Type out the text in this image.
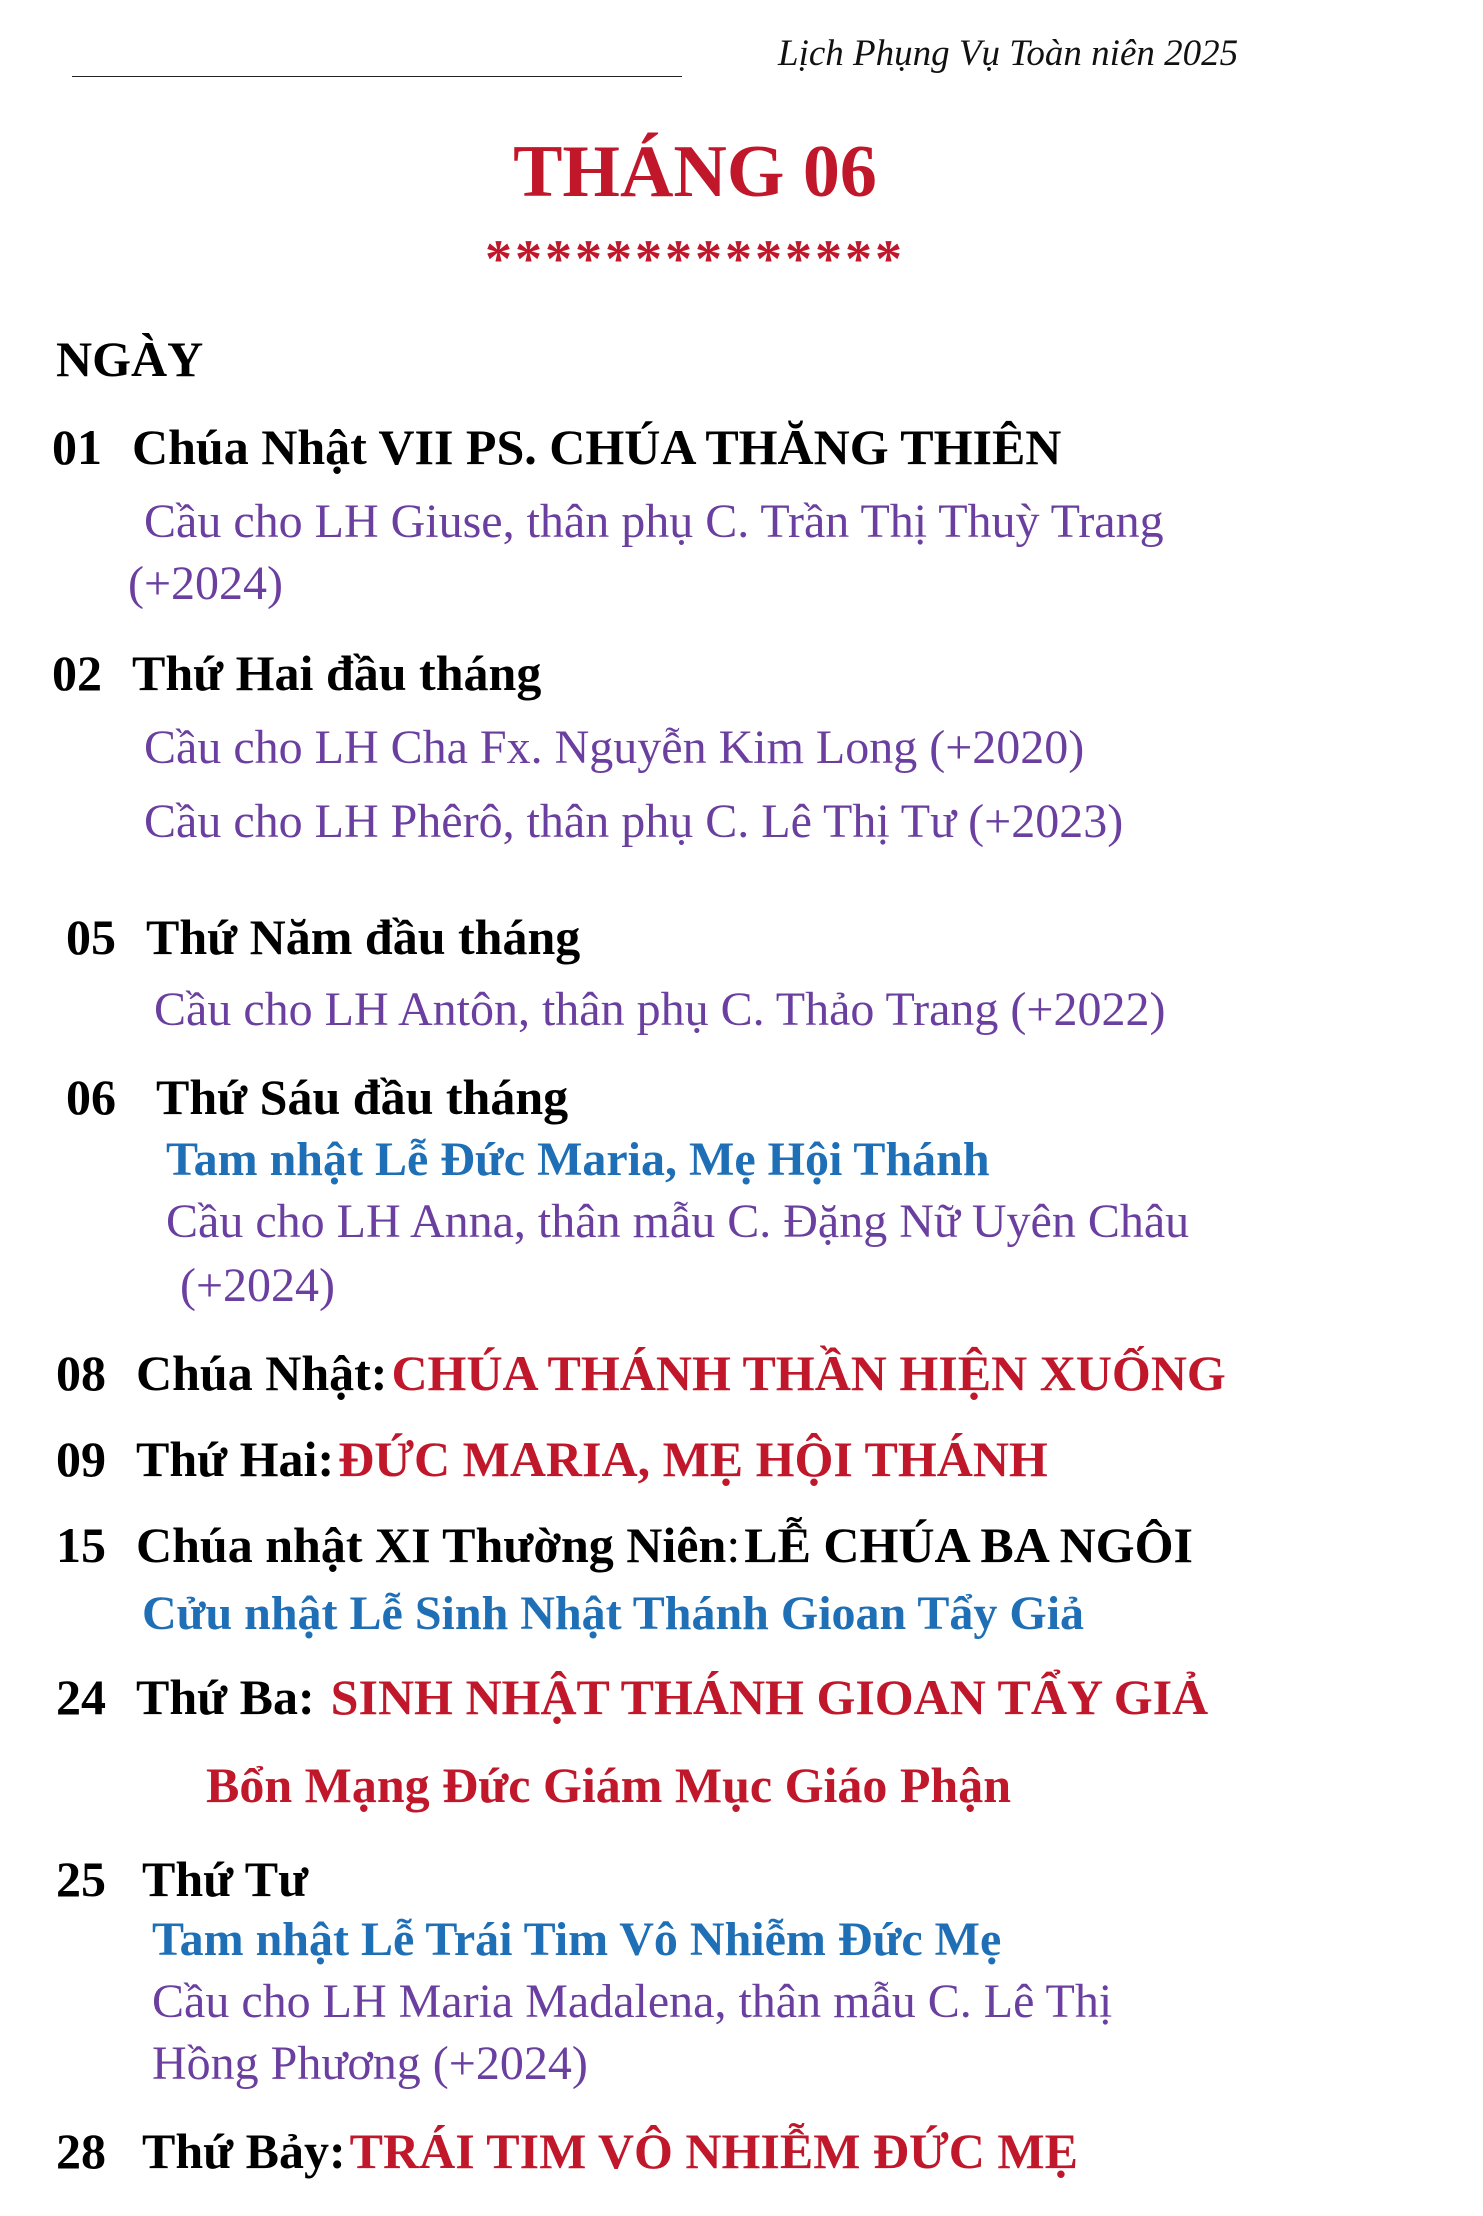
Lịch Phụng Vụ Toàn niên 2025
THÁNG 06
**************
NGÀY
01 Chúa Nhật VII PS. CHÚA THĂNG THIÊN
Cầu cho LH Giuse, thân phụ C. Trần Thị Thuỳ Trang
(+2024)
02 Thứ Hai đầu tháng
Cầu cho LH Cha Fx. Nguyễn Kim Long (+2020)
Cầu cho LH Phêrô, thân phụ C. Lê Thị Tư (+2023)
05 Thứ Năm đầu tháng
Cầu cho LH Antôn, thân phụ C. Thảo Trang (+2022)
06 Thứ Sáu đầu tháng
Tam nhật Lễ Đức Maria, Mẹ Hội Thánh
Cầu cho LH Anna, thân mẫu C. Đặng Nữ Uyên Châu
(+2024)
08 Chúa Nhật: CHÚA THÁNH THẦN HIỆN XUỐNG
09 Thứ Hai: ĐỨC MARIA, MẸ HỘI THÁNH
15 Chúa nhật XI Thường Niên: LỄ CHÚA BA NGÔI
Cửu nhật Lễ Sinh Nhật Thánh Gioan Tẩy Giả
24 Thứ Ba: SINH NHẬT THÁNH GIOAN TẨY GIẢ
Bổn Mạng Đức Giám Mục Giáo Phận
25 Thứ Tư
Tam nhật Lễ Trái Tim Vô Nhiễm Đức Mẹ
Cầu cho LH Maria Madalena, thân mẫu C. Lê Thị
Hồng Phương (+2024)
28 Thứ Bảy: TRÁI TIM VÔ NHIỄM ĐỨC MẸ
